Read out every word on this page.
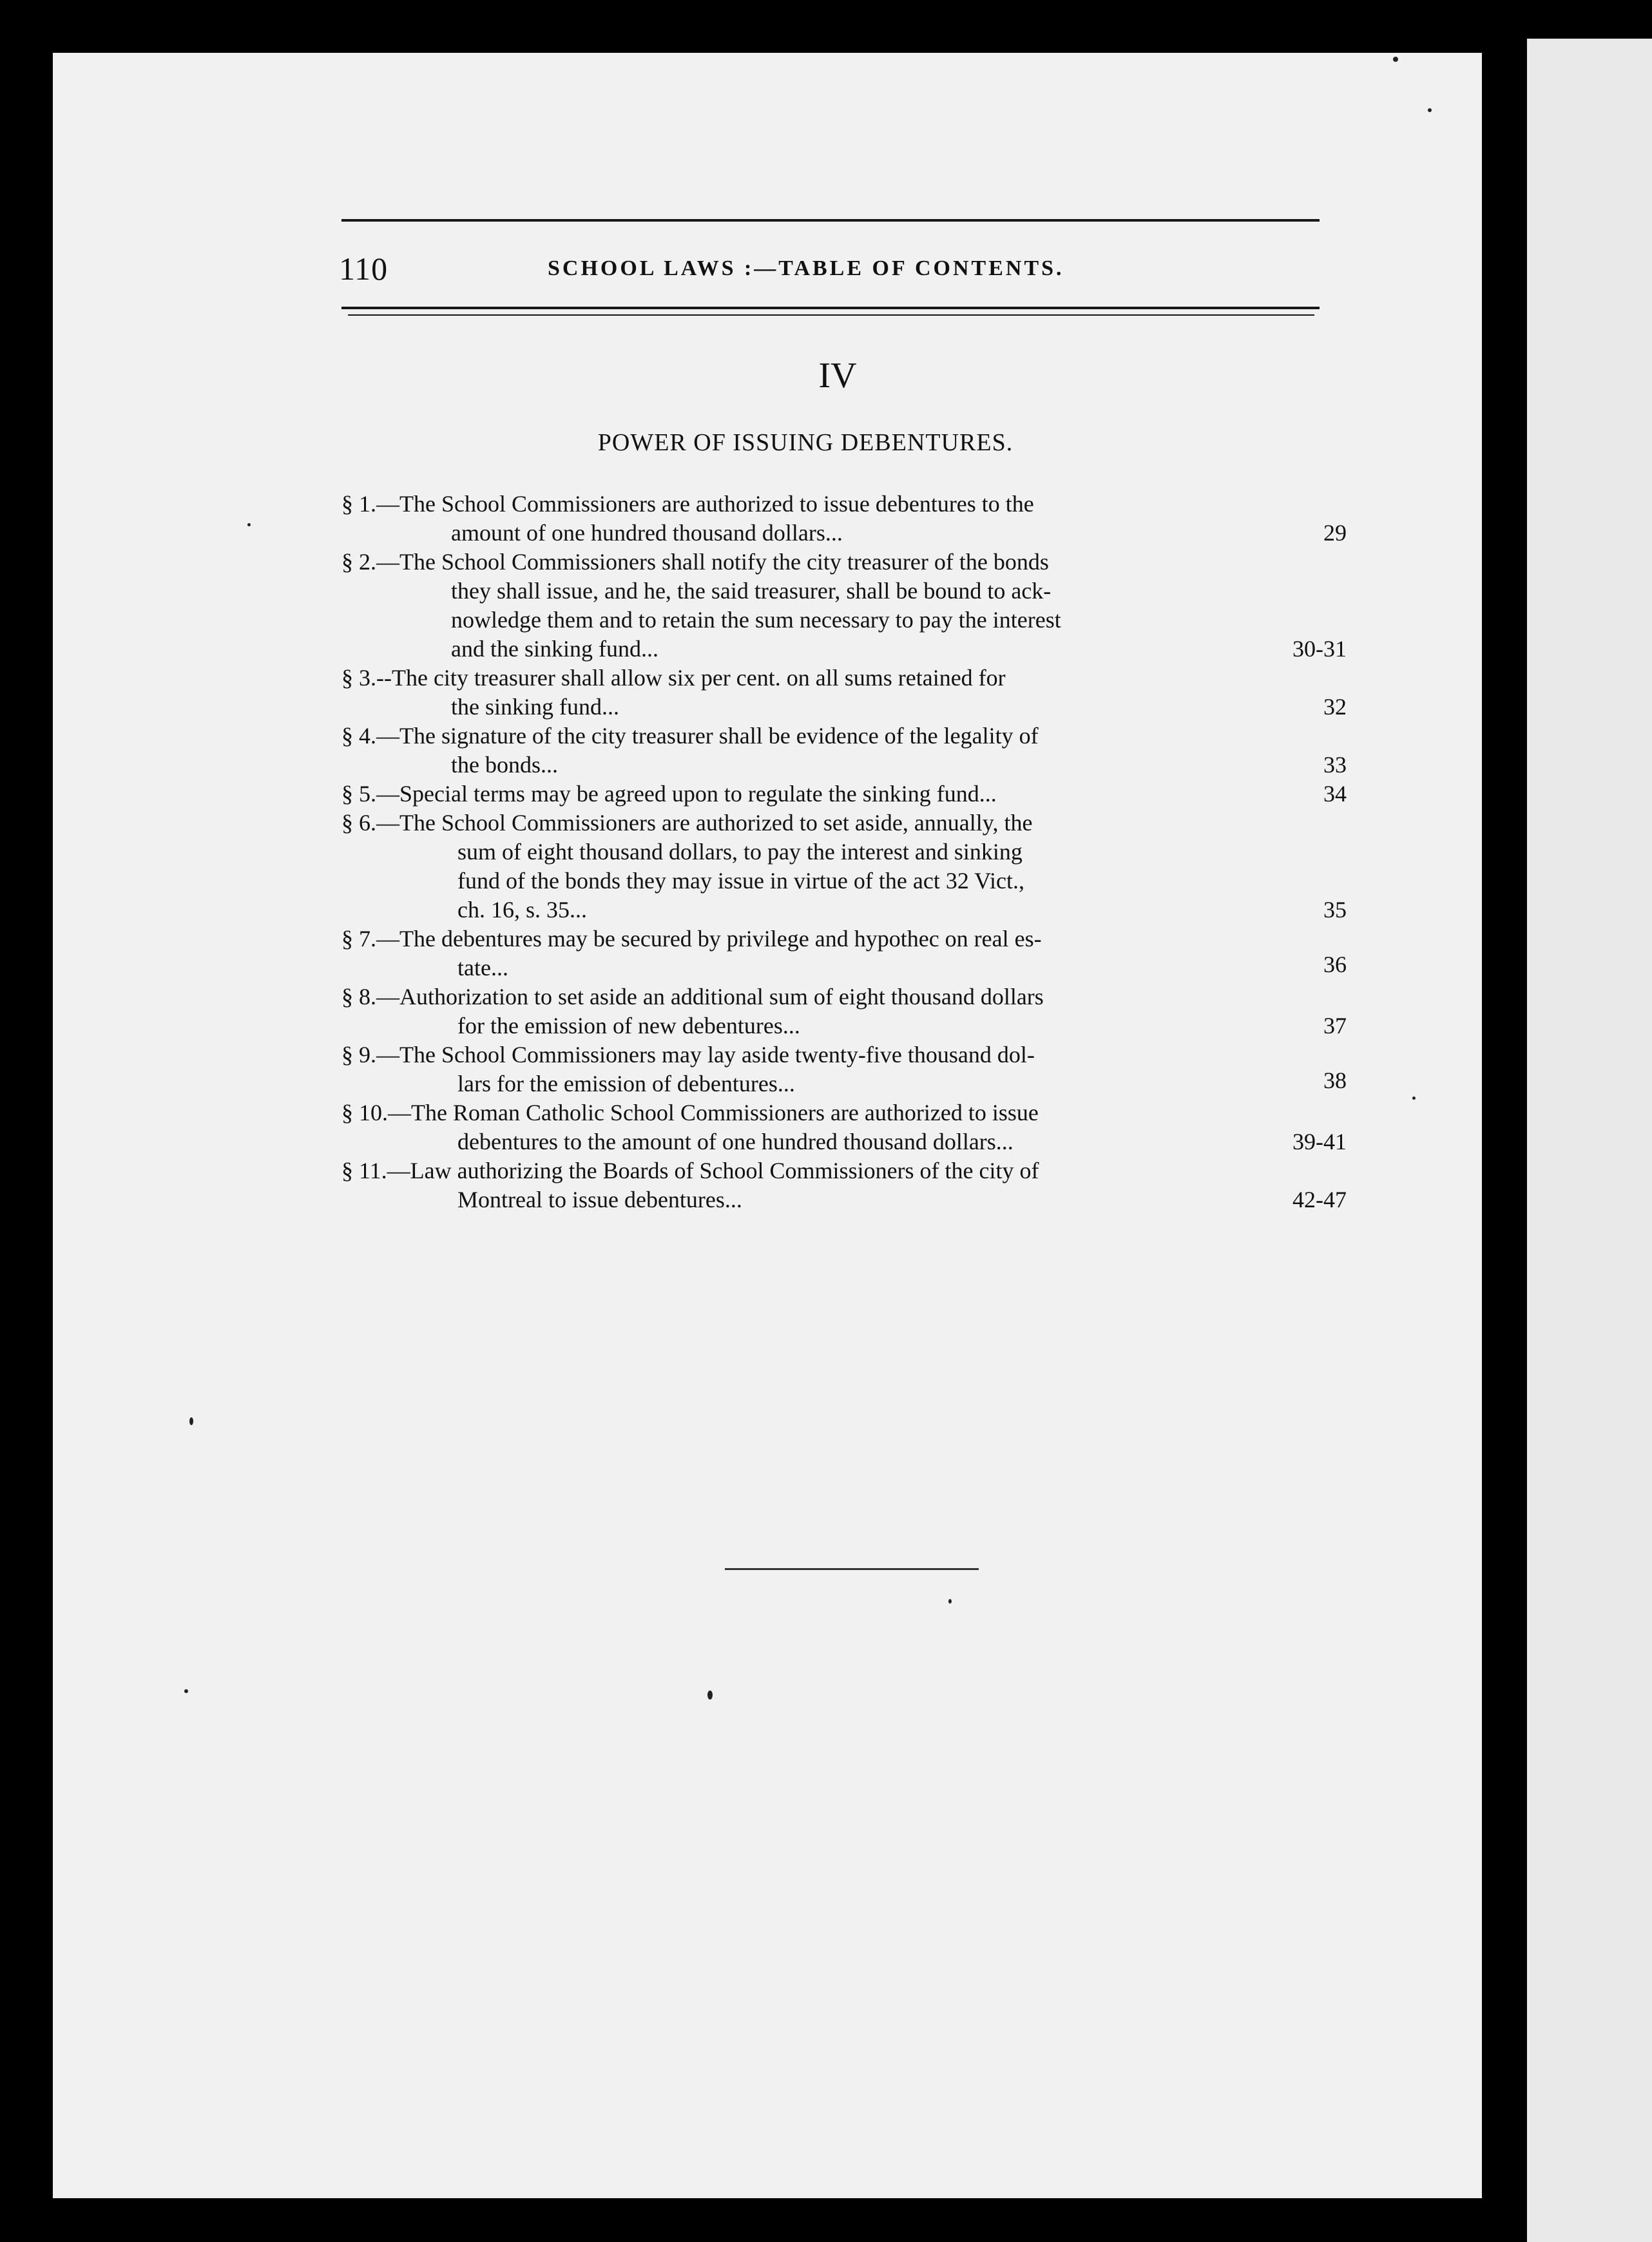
110	SCHOOL LAWS :—TABLE OF CONTENTS.
IV
POWER OF ISSUING DEBENTURES.
§ 1.—The School Commissioners are authorized to issue debentures to the
amount of one hundred thousand dollars...	29
§ 2.—The School Commissioners shall notify the city treasurer of the bonds
they shall issue, and he, the said treasurer, shall be bound to ack-
nowledge them and to retain the sum necessary to pay the interest
and the sinking fund...	30-31
§ 3.--The city treasurer shall allow six per cent. on all sums retained for
the sinking fund...	32
§ 4.—The signature of the city treasurer shall be evidence of the legality of
the bonds...	33
§ 5.—Special terms may be agreed upon to regulate the sinking fund...	34
§ 6.—The School Commissioners are authorized to set aside, annually, the
sum of eight thousand dollars, to pay the interest and sinking
fund of the bonds they may issue in virtue of the act 32 Vict.,
ch. 16, s. 35...	35
§ 7.—The debentures may be secured by privilege and hypothec on real es-
tate...	36
§ 8.—Authorization to set aside an additional sum of eight thousand dollars
for the emission of new debentures...	37
§ 9.—The School Commissioners may lay aside twenty-five thousand dol-
lars for the emission of debentures...	38
§ 10.—The Roman Catholic School Commissioners are authorized to issue
debentures to the amount of one hundred thousand dollars...	39-41
§ 11.—Law authorizing the Boards of School Commissioners of the city of
Montreal to issue debentures...	42-47
